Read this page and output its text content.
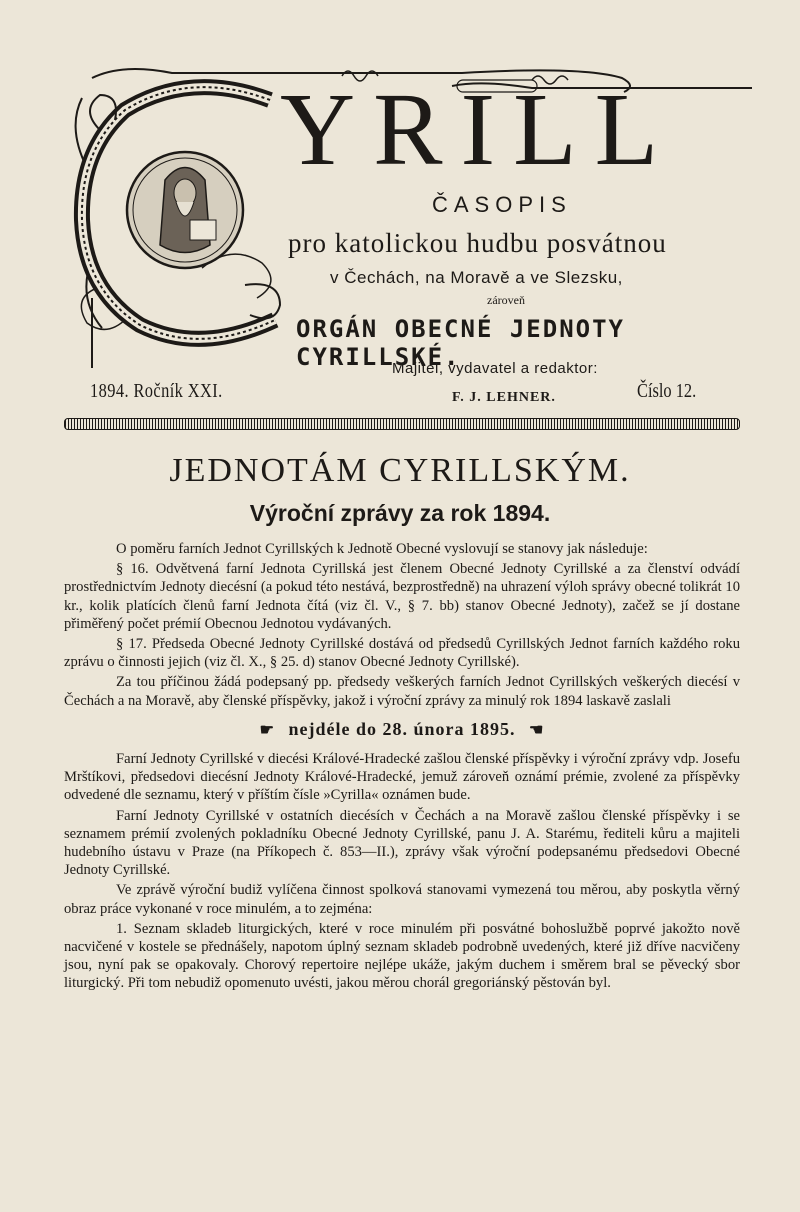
YRILL
ČASOPIS
pro katolickou hudbu posvátnou
v Čechách, na Moravě a ve Slezsku,
zároveň
ORGÁN OBECNÉ JEDNOTY CYRILLSKÉ.
Majitel, vydavatel a redaktor:
1894. Ročník XXI.	F. J. LEHNER.	Číslo 12.
JEDNOTÁM CYRILLSKÝM.
Výroční zprávy za rok 1894.

O poměru farních Jednot Cyrillských k Jednotě Obecné vyslovují se stanovy jak následuje:

§ 16. Odvětvená farní Jednota Cyrillská jest členem Obecné Jednoty Cyrillské a za členství odvádí prostřednictvím Jednoty diecésní (a pokud této nestává, bezprostředně) na uhrazení výloh správy obecné tolikrát 10 kr., kolik platících členů farní Jednota čítá (viz čl. V., § 7. bb) stanov Obecné Jednoty), začež se jí dostane přiměřený počet prémií Obecnou Jednotou vydávaných.

§ 17. Předseda Obecné Jednoty Cyrillské dostává od předsedů Cyrillských Jednot farních každého roku zprávu o činnosti jejich (viz čl. X., § 25. d) stanov Obecné Jednoty Cyrillské).

Za tou příčinou žádá podepsaný pp. předsedy veškerých farních Jednot Cyrillských veškerých diecésí v Čechách a na Moravě, aby členské příspěvky, jakož i výroční zprávy za minulý rok 1894 laskavě zaslali

☛ nejdéle do 28. února 1895. ☚

Farní Jednoty Cyrillské v diecési Králové-Hradecké zašlou členské příspěvky i výroční zprávy vdp. Josefu Mrštíkovi, předsedovi diecésní Jednoty Králové-Hradecké, jemuž zároveň oznámí prémie, zvolené za příspěvky odvedené dle seznamu, který v příštím čísle »Cyrilla« oznámen bude.

Farní Jednoty Cyrillské v ostatních diecésích v Čechách a na Moravě zašlou členské příspěvky i se seznamem prémií zvolených pokladníku Obecné Jednoty Cyrillské, panu J. A. Starému, řediteli kůru a majiteli hudebního ústavu v Praze (na Příkopech č. 853—II.), zprávy však výroční podepsanému předsedovi Obecné Jednoty Cyrillské.

Ve zprávě výroční budiž vylíčena činnost spolková stanovami vymezená tou měrou, aby poskytla věrný obraz práce vykonané v roce minulém, a to zejména:

1. Seznam skladeb liturgických, které v roce minulém při posvátné bohoslužbě poprvé jakožto nově nacvičené v kostele se přednášely, napotom úplný seznam skladeb podrobně uvedených, které již dříve nacvičeny jsou, nyní pak se opakovaly. Chorový repertoire nejlépe ukáže, jakým duchem i směrem bral se pěvecký sbor liturgický. Při tom nebudiž opomenuto uvésti, jakou měrou chorál gregoriánský pěstován byl.
